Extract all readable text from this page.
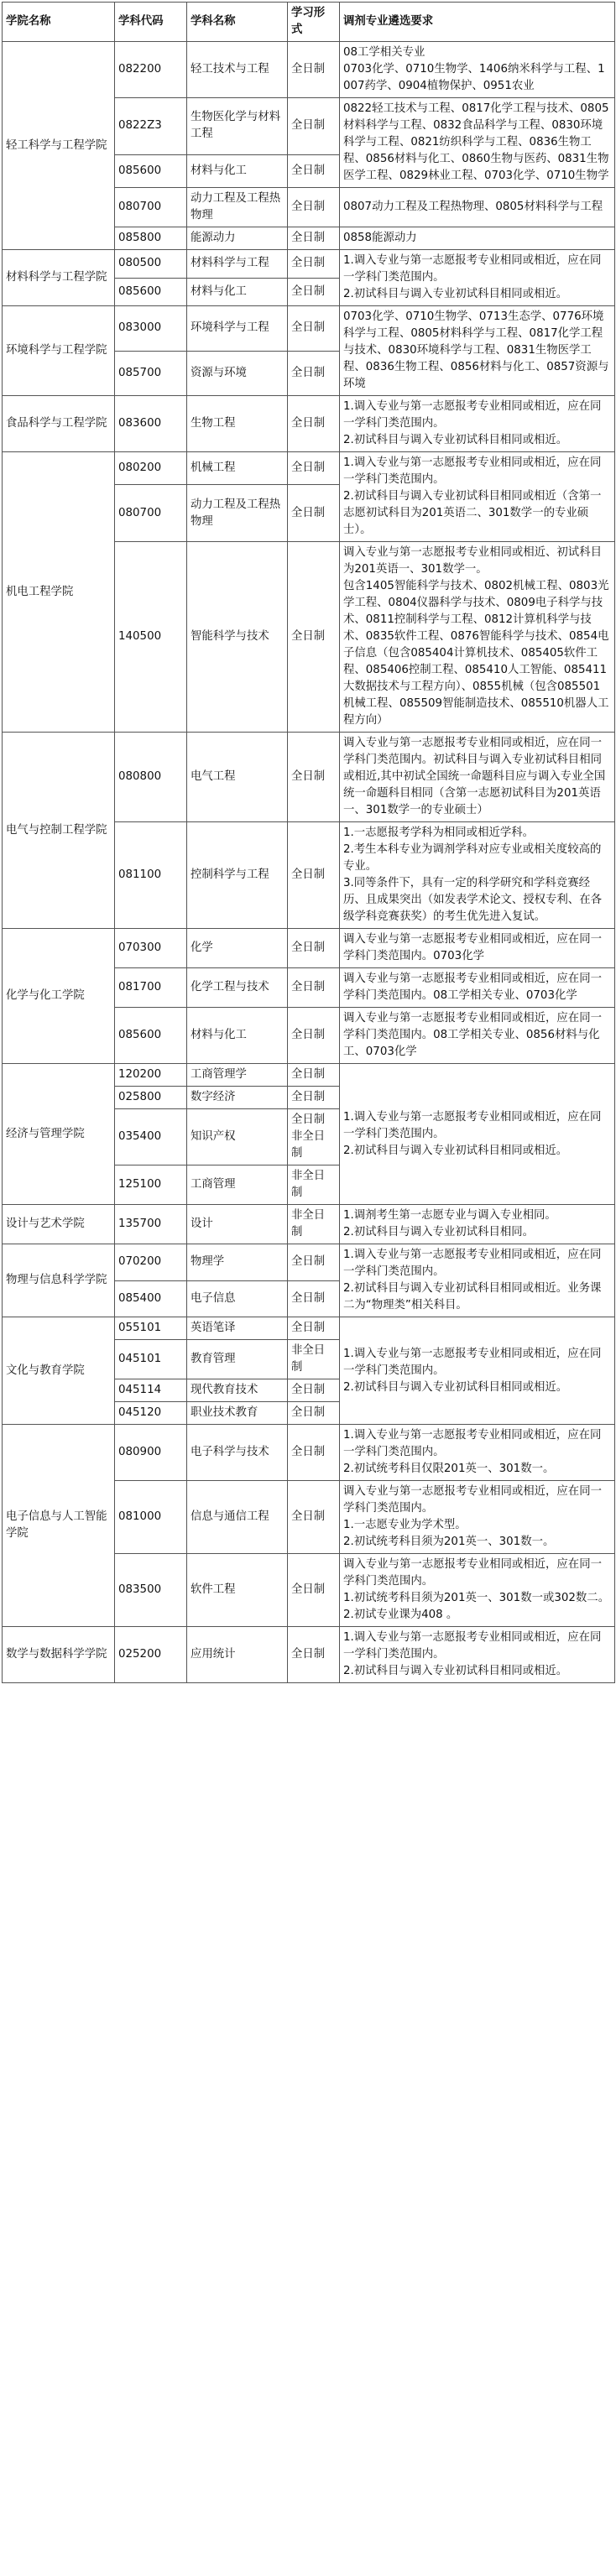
学院名称	学科代码	学科名称	学习形式	调剂专业遴选要求
轻工科学与工程学院	082200	轻工技术与工程	全日制	08工学相关专业
0703化学、0710生物学、1406纳米科学与工程、1007药学、0904植物保护、0951农业
	0822Z3	生物医化学与材料工程	全日制	0822轻工技术与工程、0817化学工程与技术、0805材料科学与工程、0832食品科学与工程、0830环境科学与工程、0821纺织科学与工程、0836生物工程、0856材料与化工、0860生物与医药、0831生物医学工程、0829林业工程、0703化学、0710生物学
	085600	材料与化工	全日制	
	080700	动力工程及工程热物理	全日制	0807动力工程及工程热物理、0805材料科学与工程
	085800	能源动力	全日制	0858能源动力
材料科学与工程学院	080500	材料科学与工程	全日制	1.调入专业与第一志愿报考专业相同或相近，应在同一学科门类范围内。
2.初试科目与调入专业初试科目相同或相近。
	085600	材料与化工	全日制	
环境科学与工程学院	083000	环境科学与工程	全日制	0703化学、0710生物学、0713生态学、0776环境科学与工程、0805材料科学与工程、0817化学工程与技术、0830环境科学与工程、0831生物医学工程、0836生物工程、0856材料与化工、0857资源与环境
	085700	资源与环境	全日制	
食品科学与工程学院	083600	生物工程	全日制	1.调入专业与第一志愿报考专业相同或相近，应在同一学科门类范围内。
2.初试科目与调入专业初试科目相同或相近。
机电工程学院	080200	机械工程	全日制	1.调入专业与第一志愿报考专业相同或相近，应在同一学科门类范围内。
2.初试科目与调入专业初试科目相同或相近（含第一志愿初试科目为201英语二、301数学一的专业硕士）。
	080700	动力工程及工程热物理	全日制	
	140500	智能科学与技术	全日制	调入专业与第一志愿报考专业相同或相近、初试科目为201英语一、301数学一。
包含1405智能科学与技术、0802机械工程、0803光学工程、0804仪器科学与技术、0809电子科学与技术、0811控制科学与工程、0812计算机科学与技术、0835软件工程、0876智能科学与技术、0854电子信息（包含085404计算机技术、085405软件工程、085406控制工程、085410人工智能、085411大数据技术与工程方向）、0855机械（包含085501机械工程、085509智能制造技术、085510机器人工程方向）
电气与控制工程学院	080800	电气工程	全日制	调入专业与第一志愿报考专业相同或相近，应在同一学科门类范围内。初试科目与调入专业初试科目相同或相近,其中初试全国统一命题科目应与调入专业全国统一命题科目相同（含第一志愿初试科目为201英语一、301数学一的专业硕士）
	081100	控制科学与工程	全日制	1.一志愿报考学科为相同或相近学科。
2.考生本科专业为调剂学科对应专业或相关度较高的专业。
3.同等条件下，具有一定的科学研究和学科竞赛经历、且成果突出（如发表学术论文、授权专利、在各级学科竞赛获奖）的考生优先进入复试。
化学与化工学院	070300	化学	全日制	调入专业与第一志愿报考专业相同或相近，应在同一学科门类范围内。0703化学
	081700	化学工程与技术	全日制	调入专业与第一志愿报考专业相同或相近，应在同一学科门类范围内。08工学相关专业、0703化学
	085600	材料与化工	全日制	调入专业与第一志愿报考专业相同或相近，应在同一学科门类范围内。08工学相关专业、0856材料与化工、0703化学
经济与管理学院	120200	工商管理学	全日制	1.调入专业与第一志愿报考专业相同或相近，应在同一学科门类范围内。
2.初试科目与调入专业初试科目相同或相近。
	025800	数字经济	全日制	
	035400	知识产权	全日制 非全日制	
	125100	工商管理	非全日制	
设计与艺术学院	135700	设计	非全日制	1.调剂考生第一志愿专业与调入专业相同。
2.初试科目与调入专业初试科目相同。
物理与信息科学学院	070200	物理学	全日制	1.调入专业与第一志愿报考专业相同或相近，应在同一学科门类范围内。
2.初试科目与调入专业初试科目相同或相近。业务课二为“物理类”相关科目。
	085400	电子信息	全日制	
文化与教育学院	055101	英语笔译	全日制	1.调入专业与第一志愿报考专业相同或相近，应在同一学科门类范围内。
2.初试科目与调入专业初试科目相同或相近。
	045101	教育管理	非全日制	
	045114	现代教育技术	全日制	
	045120	职业技术教育	全日制	
电子信息与人工智能学院	080900	电子科学与技术	全日制	1.调入专业与第一志愿报考专业相同或相近，应在同一学科门类范围内。
2.初试统考科目仅限201英一、301数一。
	081000	信息与通信工程	全日制	调入专业与第一志愿报考专业相同或相近，应在同一学科门类范围内。
1.一志愿专业为学术型。
2.初试统考科目须为201英一、301数一。
	083500	软件工程	全日制	调入专业与第一志愿报考专业相同或相近，应在同一学科门类范围内。
1.初试统考科目须为201英一、301数一或302数二。
2.初试专业课为408 。
数学与数据科学学院	025200	应用统计	全日制	1.调入专业与第一志愿报考专业相同或相近，应在同一学科门类范围内。
2.初试科目与调入专业初试科目相同或相近。
